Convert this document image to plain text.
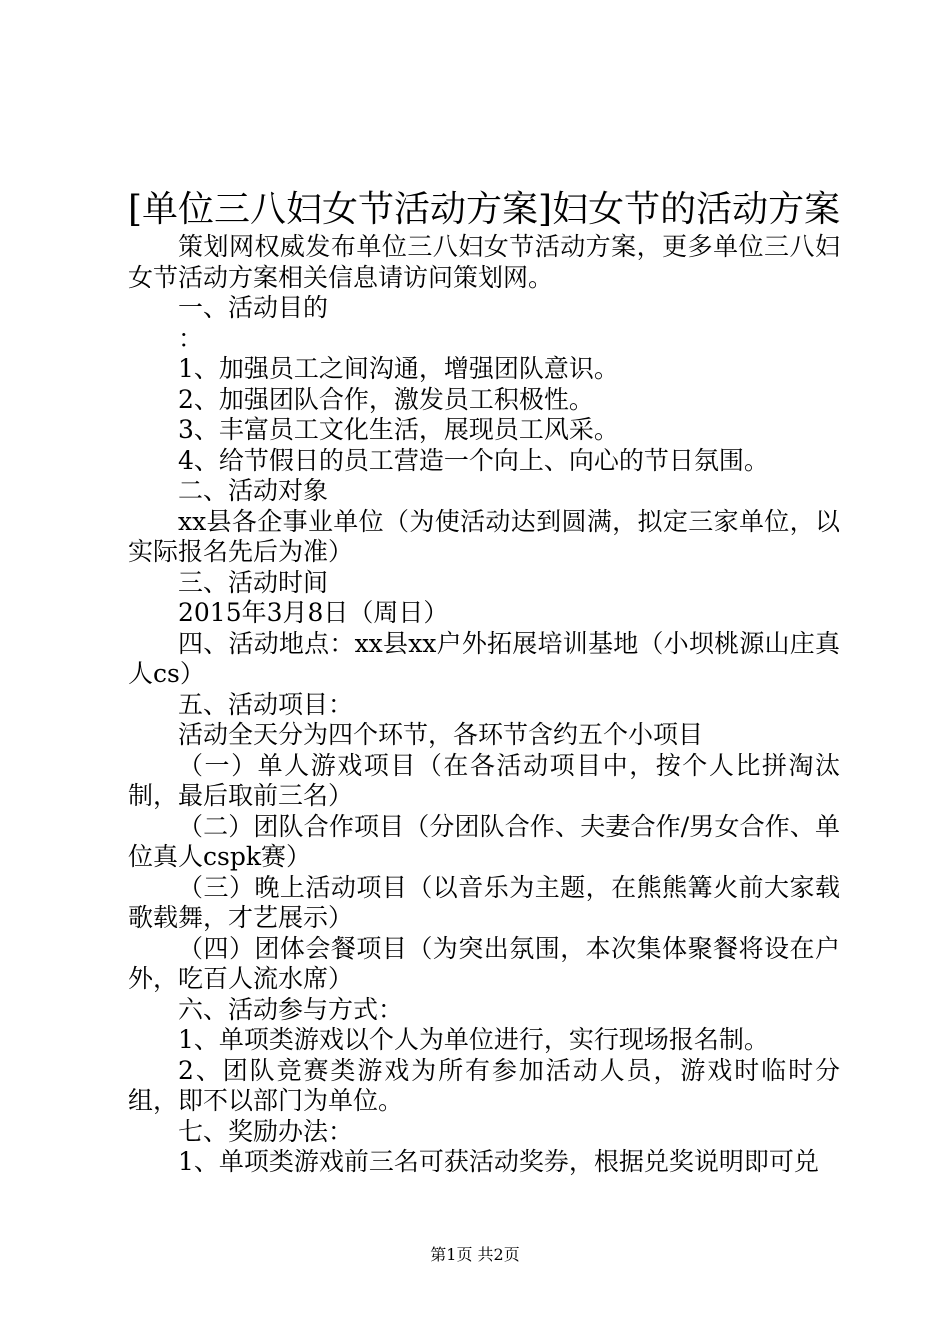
[单位三八妇女节活动方案]妇女节的活动方案

策划网权威发布单位三八妇女节活动方案，更多单位三八妇女节活动方案相关信息请访问策划网。

一、活动目的

：

1、加强员工之间沟通，增强团队意识。

2、加强团队合作，激发员工积极性。

3、丰富员工文化生活，展现员工风采。

4、给节假日的员工营造一个向上、向心的节日氛围。

二、活动对象

xx县各企事业单位（为使活动达到圆满，拟定三家单位，以实际报名先后为准）

三、活动时间

2015年3月8日（周日）

四、活动地点：xx县xx户外拓展培训基地（小坝桃源山庄真人cs）

五、活动项目：

活动全天分为四个环节，各环节含约五个小项目

（一）单人游戏项目（在各活动项目中，按个人比拼淘汰制，最后取前三名）

（二）团队合作项目（分团队合作、夫妻合作/男女合作、单位真人cspk赛）

（三）晚上活动项目（以音乐为主题，在熊熊篝火前大家载歌载舞，才艺展示）

（四）团体会餐项目（为突出氛围，本次集体聚餐将设在户外，吃百人流水席）

六、活动参与方式：

1、单项类游戏以个人为单位进行，实行现场报名制。

2、团队竞赛类游戏为所有参加活动人员，游戏时临时分组，即不以部门为单位。

七、奖励办法：

1、单项类游戏前三名可获活动奖券，根据兑奖说明即可兑

第1页 共2页
